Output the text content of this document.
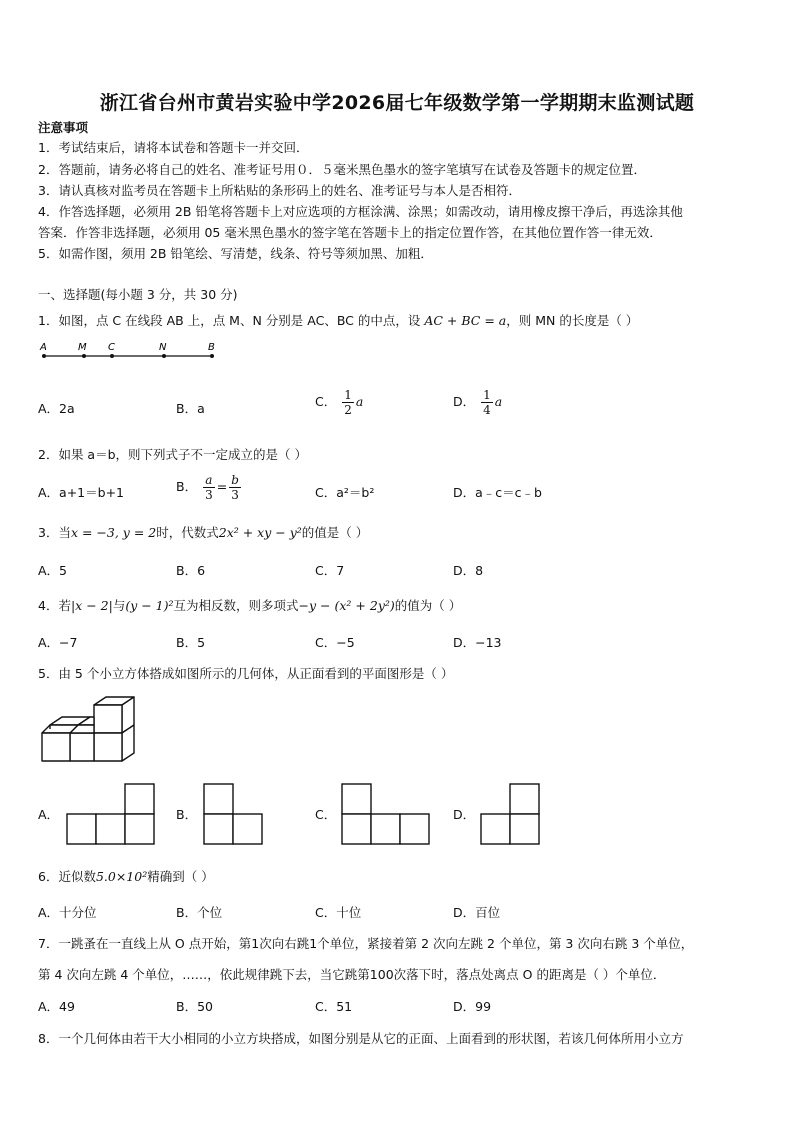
浙江省台州市黄岩实验中学2026届七年级数学第一学期期末监测试题
注意事项
1．考试结束后，请将本试卷和答题卡一并交回．
2．答题前，请务必将自己的姓名、准考证号用０．５毫米黑色墨水的签字笔填写在试卷及答题卡的规定位置．
3．请认真核对监考员在答题卡上所粘贴的条形码上的姓名、准考证号与本人是否相符．
4．作答选择题，必须用 2B 铅笔将答题卡上对应选项的方框涂满、涂黑；如需改动，请用橡皮擦干净后，再选涂其他
答案．作答非选择题，必须用 05 毫米黑色墨水的签字笔在答题卡上的指定位置作答，在其他位置作答一律无效．
5．如需作图，须用 2B 铅笔绘、写清楚，线条、符号等须加黑、加粗．
一、选择题(每小题 3 分，共 30 分)
1．如图，点 C 在线段 AB 上，点 M、N 分别是 AC、BC 的中点，设 AC + BC = a，则 MN 的长度是（ ）
A	M C	N	B
A．2a	B．a	C． $\frac{1}{2}$ a	D． $\frac{1}{4}$ a
2．如果 a＝b，则下列式子不一定成立的是（ ）
A．a+1＝b+1	B． $\frac{a}{3} = \frac{b}{3}$	C．a²＝b²	D．a﹣c＝c﹣b
3．当x = −3, y = 2时，代数式2x² + xy − y²的值是（ ）
A．5	B．6	C．7	D．8
4．若|x − 2|与(y − 1)²互为相反数，则多项式−y − (x² + 2y²)的值为（ ）
A．−7	B．5	C．−5	D．−13
5．由 5 个小立方体搭成如图所示的几何体，从正面看到的平面图形是（ ）
A．	B．	C．	D．
6．近似数5.0×10²精确到（ ）
A．十分位	B．个位	C．十位	D．百位
7．一跳蚤在一直线上从 O 点开始，第1次向右跳1个单位，紧接着第 2 次向左跳 2 个单位，第 3 次向右跳 3 个单位，
第 4 次向左跳 4 个单位，……，依此规律跳下去，当它跳第100次落下时，落点处离点 O 的距离是（ ）个单位．
A．49	B．50	C．51	D．99
8．一个几何体由若干大小相同的小立方块搭成，如图分别是从它的正面、上面看到的形状图，若该几何体所用小立方
